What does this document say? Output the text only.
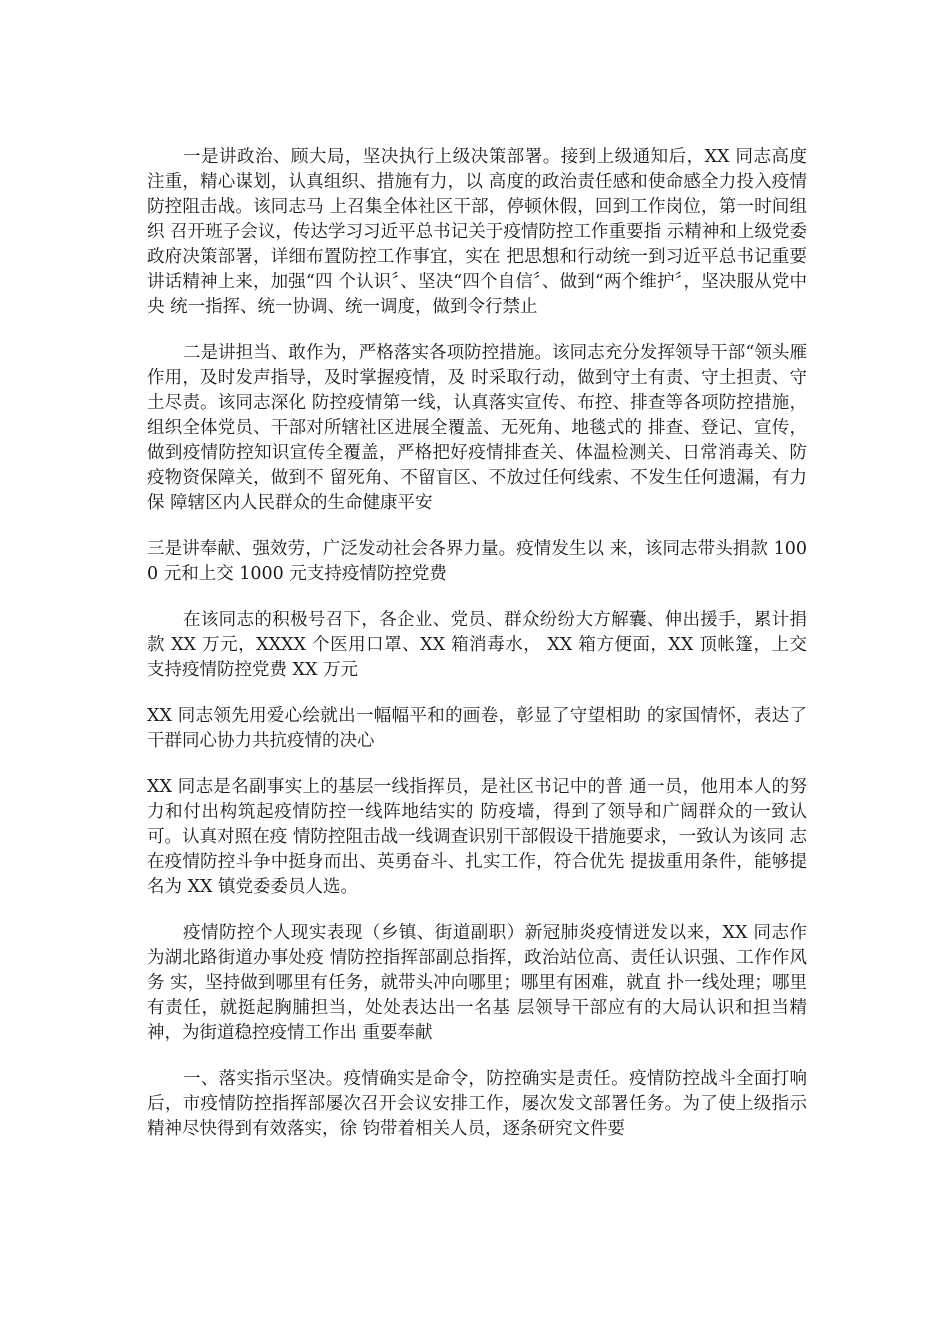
一是讲政治、顾大局，坚决执行上级决策部署。接到上级通知后，XX 同志高度注重，精心谋划，认真组织、措施有力，以 高度的政治责任感和使命感全力投入疫情防控阻击战。该同志马 上召集全体社区干部，停顿休假，回到工作岗位，第一时间组织 召开班子会议，传达学习习近平总书记关于疫情防控工作重要指 示精神和上级党委政府决策部署，详细布置防控工作事宜，实在 把思想和行动统一到习近平总书记重要讲话精神上来，加强“四 个认识〞、坚决“四个自信〞、做到“两个维护〞，坚决服从党中央 统一指挥、统一协调、统一调度，做到令行禁止

二是讲担当、敢作为，严格落实各项防控措施。该同志充分发挥领导干部“领头雁作用，及时发声指导，及时掌握疫情，及 时采取行动，做到守土有责、守土担责、守土尽责。该同志深化 防控疫情第一线，认真落实宣传、布控、排查等各项防控措施， 组织全体党员、干部对所辖社区进展全覆盖、无死角、地毯式的 排查、登记、宣传，做到疫情防控知识宣传全覆盖，严格把好疫情排查关、体温检测关、日常消毒关、防疫物资保障关，做到不 留死角、不留盲区、不放过任何线索、不发生任何遗漏，有力保 障辖区内人民群众的生命健康平安

三是讲奉献、强效劳，广泛发动社会各界力量。疫情发生以 来，该同志带头捐款 1000 元和上交 1000 元支持疫情防控党费

在该同志的积极号召下，各企业、党员、群众纷纷大方解囊、伸出援手，累计捐款 XX 万元，XXXX 个医用口罩、XX 箱消毒水， XX 箱方便面，XX 顶帐篷，上交支持疫情防控党费 XX 万元

XX 同志领先用爱心绘就出一幅幅平和的画卷，彰显了守望相助 的家国情怀，表达了干群同心协力共抗疫情的决心

XX 同志是名副事实上的基层一线指挥员，是社区书记中的普 通一员，他用本人的努力和付出构筑起疫情防控一线阵地结实的 防疫墙，得到了领导和广阔群众的一致认可。认真对照在疫 情防控阻击战一线调查识别干部假设干措施要求，一致认为该同 志在疫情防控斗争中挺身而出、英勇奋斗、扎实工作，符合优先 提拔重用条件，能够提名为 XX 镇党委委员人选。

疫情防控个人现实表现（乡镇、街道副职）新冠肺炎疫情迸发以来，XX 同志作为湖北路街道办事处疫 情防控指挥部副总指挥，政治站位高、责任认识强、工作作风务 实，坚持做到哪里有任务，就带头冲向哪里；哪里有困难，就直 扑一线处理；哪里有责任，就挺起胸脯担当，处处表达出一名基 层领导干部应有的大局认识和担当精神，为街道稳控疫情工作出 重要奉献

一、落实指示坚决。疫情确实是命令，防控确实是责任。疫情防控战斗全面打响后，市疫情防控指挥部屡次召开会议安排工作，屡次发文部署任务。为了使上级指示精神尽快得到有效落实，徐 钧带着相关人员，逐条研究文件要
